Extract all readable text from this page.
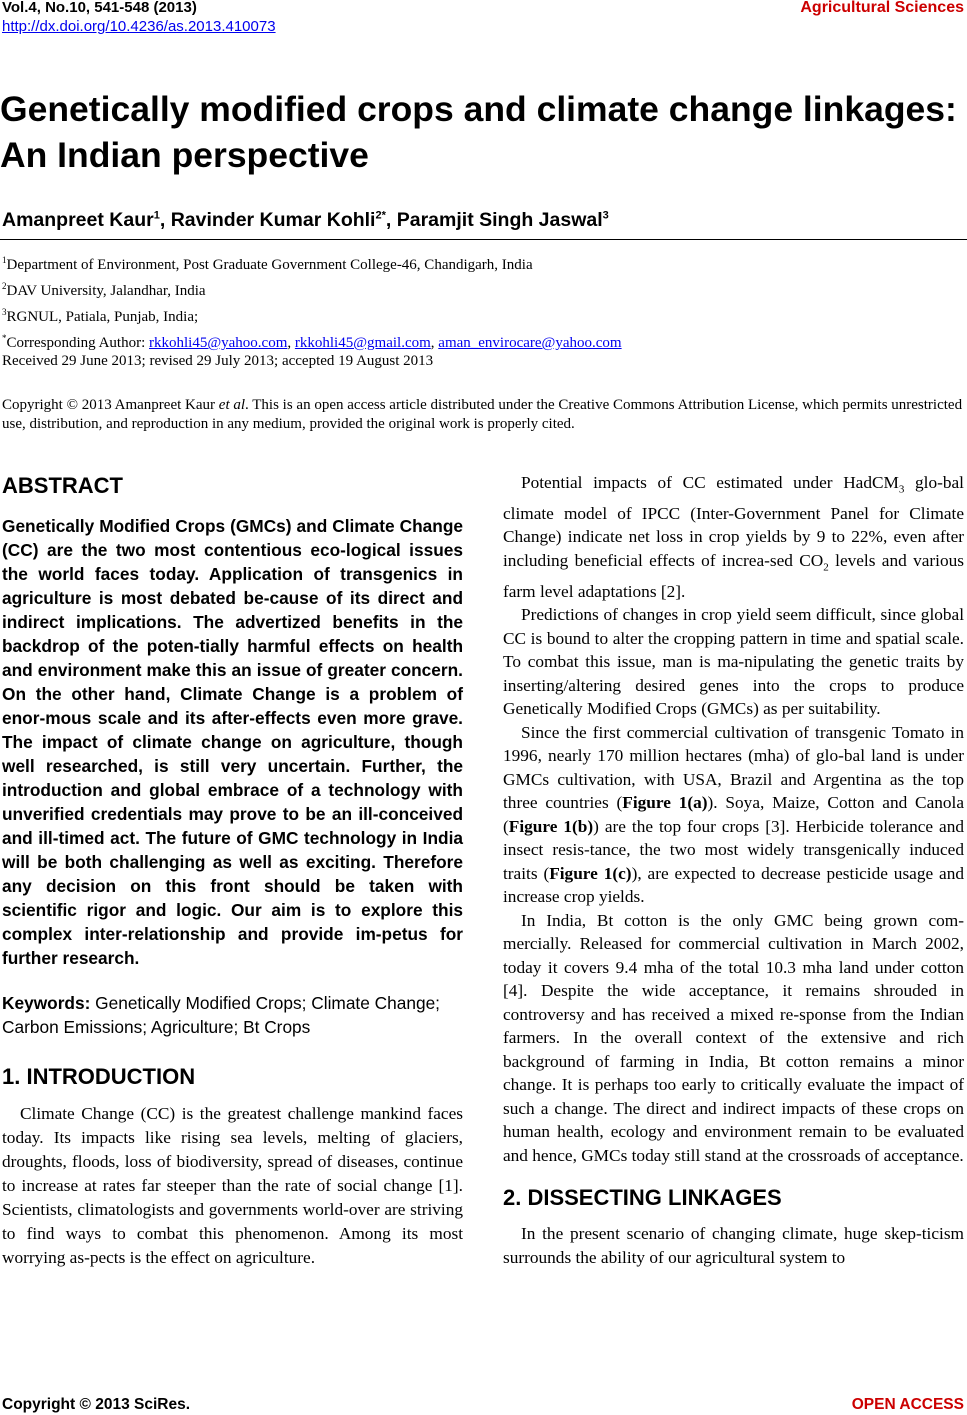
Vol.4, No.10, 541-548 (2013)
http://dx.doi.org/10.4236/as.2013.410073
Agricultural Sciences
Genetically modified crops and climate change linkages: An Indian perspective
Amanpreet Kaur$^1$, Ravinder Kumar Kohli$^{2*}$, Paramjit Singh Jaswal$^3$
$^1$Department of Environment, Post Graduate Government College-46, Chandigarh, India
$^2$DAV University, Jalandhar, India
$^3$RGNUL, Patiala, Punjab, India;
*Corresponding Author: rkkohli45@yahoo.com, rkkohli45@gmail.com, aman_envirocare@yahoo.com
Received 29 June 2013; revised 29 July 2013; accepted 19 August 2013
Copyright © 2013 Amanpreet Kaur et al. This is an open access article distributed under the Creative Commons Attribution License, which permits unrestricted use, distribution, and reproduction in any medium, provided the original work is properly cited.
ABSTRACT

Genetically Modified Crops (GMCs) and Climate Change (CC) are the two most contentious eco-logical issues the world faces today. Application of transgenics in agriculture is most debated be-cause of its direct and indirect implications. The advertized benefits in the backdrop of the poten-tially harmful effects on health and environment make this an issue of greater concern. On the other hand, Climate Change is a problem of enor-mous scale and its after-effects even more grave. The impact of climate change on agriculture, though well researched, is still very uncertain. Further, the introduction and global embrace of a technology with unverified credentials may prove to be an ill-conceived and ill-timed act. The future of GMC technology in India will be both challenging as well as exciting. Therefore any decision on this front should be taken with scientific rigor and logic. Our aim is to explore this complex inter-relationship and provide im-petus for further research.

Keywords: Genetically Modified Crops; Climate Change; Carbon Emissions; Agriculture; Bt Crops

1. INTRODUCTION

Climate Change (CC) is the greatest challenge mankind faces today. Its impacts like rising sea levels, melting of glaciers, droughts, floods, loss of biodiversity, spread of diseases, continue to increase at rates far steeper than the rate of social change [1]. Scientists, climatologists and governments world-over are striving to find ways to combat this phenomenon. Among its most worrying as-pects is the effect on agriculture.

Potential impacts of CC estimated under HadCM$_3$ glo-bal climate model of IPCC (Inter-Government Panel for Climate Change) indicate net loss in crop yields by 9 to 22%, even after including beneficial effects of increa-sed $CO_2$ levels and various farm level adaptations [2].

Predictions of changes in crop yield seem difficult, since global CC is bound to alter the cropping pattern in time and spatial scale. To combat this issue, man is ma-nipulating the genetic traits by inserting/altering desired genes into the crops to produce Genetically Modified Crops (GMCs) as per suitability.

Since the first commercial cultivation of transgenic Tomato in 1996, nearly 170 million hectares (mha) of glo-bal land is under GMCs cultivation, with USA, Brazil and Argentina as the top three countries (Figure 1(a)). Soya, Maize, Cotton and Canola (Figure 1(b)) are the top four crops [3]. Herbicide tolerance and insect resis-tance, the two most widely transgenically induced traits (Figure 1(c)), are expected to decrease pesticide usage and increase crop yields.

In India, Bt cotton is the only GMC being grown com-mercially. Released for commercial cultivation in March 2002, today it covers 9.4 mha of the total 10.3 mha land under cotton [4]. Despite the wide acceptance, it remains shrouded in controversy and has received a mixed re-sponse from the Indian farmers. In the overall context of the extensive and rich background of farming in India, Bt cotton remains a minor change. It is perhaps too early to critically evaluate the impact of such a change. The direct and indirect impacts of these crops on human health, ecology and environment remain to be evaluated and hence, GMCs today still stand at the crossroads of acceptance.

2. DISSECTING LINKAGES

In the present scenario of changing climate, huge skep-ticism surrounds the ability of our agricultural system to

Copyright © 2013 SciRes.	OPEN ACCESS
